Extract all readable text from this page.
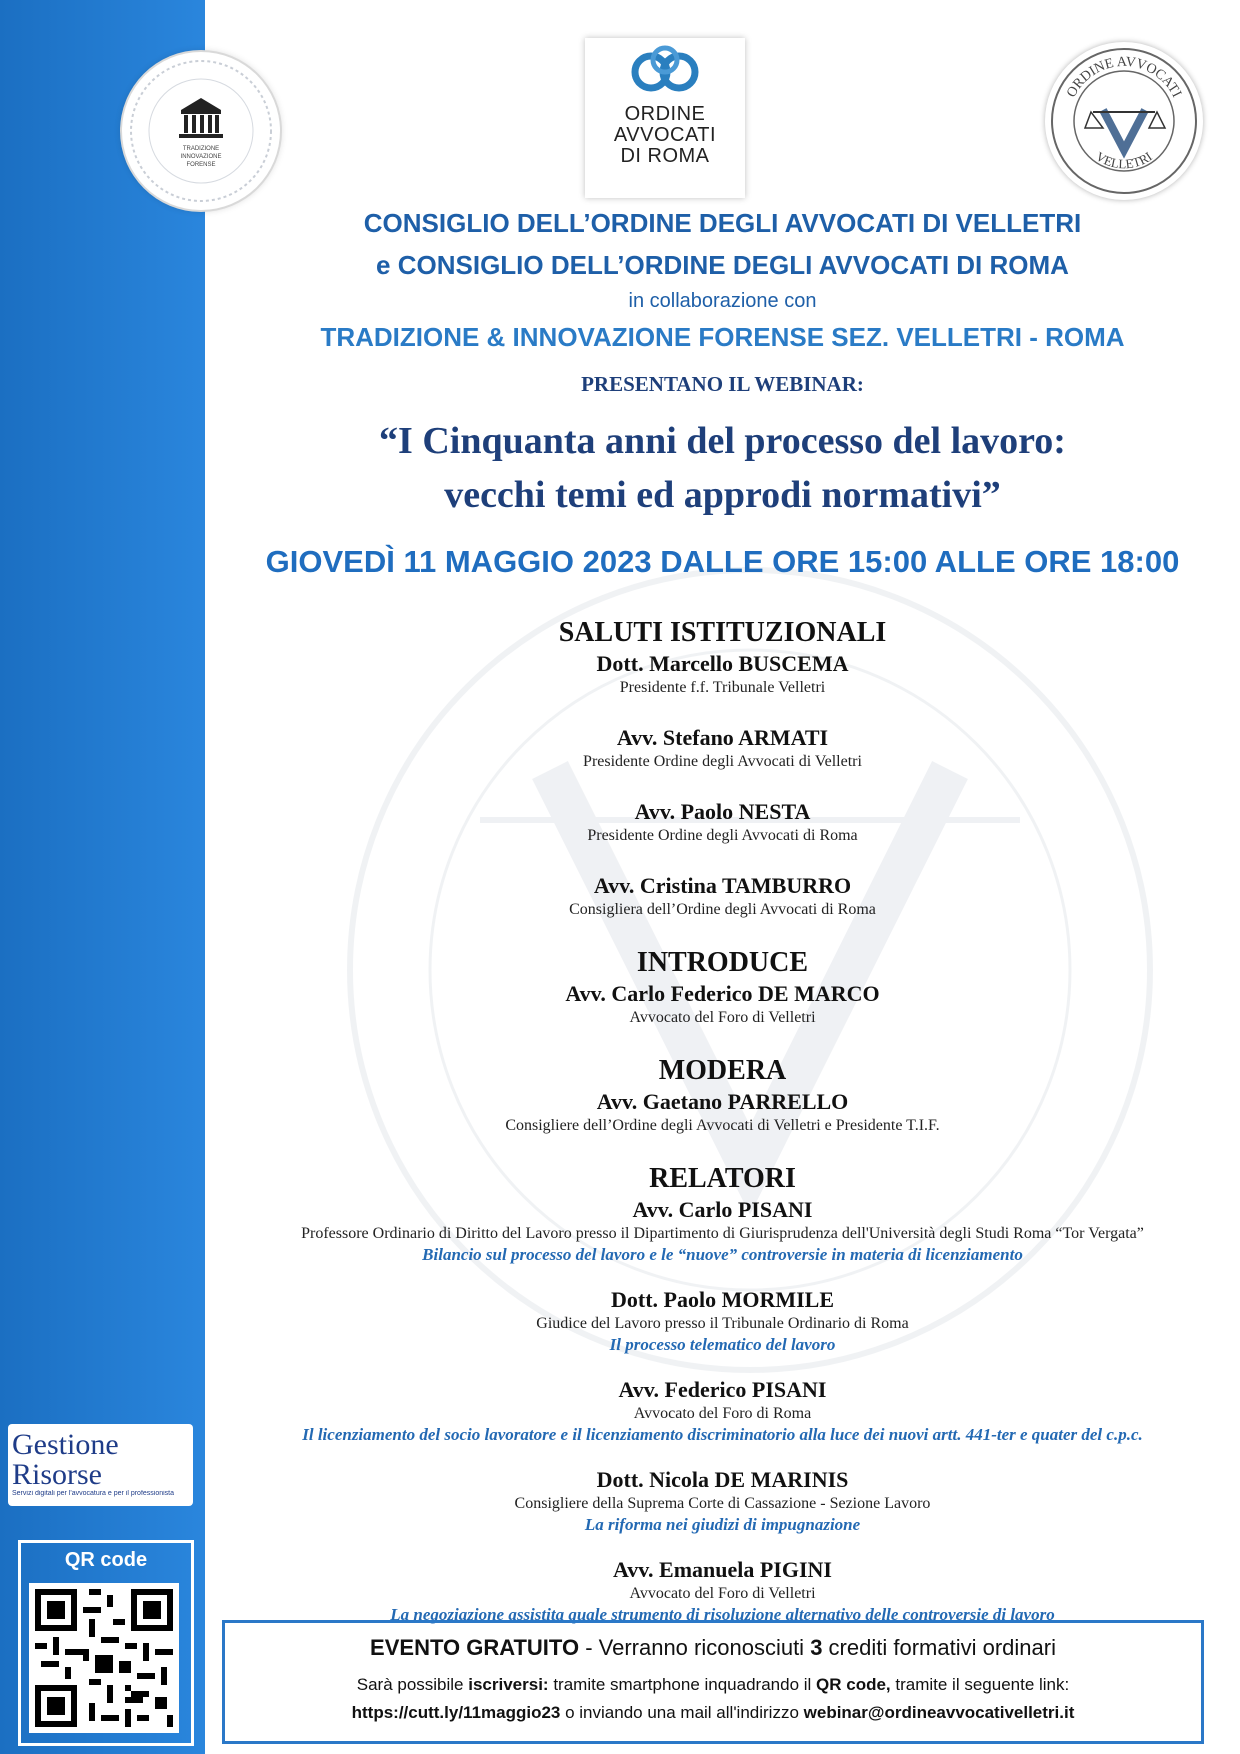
TRADIZIONE
INNOVAZIONE
FORENSE
ORDINE
AVVOCATI
DI ROMA
ORDINE AVVOCATI
VELLETRI
CONSIGLIO DELL’ORDINE DEGLI AVVOCATI DI VELLETRI
e CONSIGLIO DELL’ORDINE DEGLI AVVOCATI DI ROMA
in collaborazione con
TRADIZIONE & INNOVAZIONE FORENSE SEZ. VELLETRI - ROMA
PRESENTANO IL WEBINAR:
“I Cinquanta anni del processo del lavoro:
vecchi temi ed approdi normativi”
GIOVEDÌ 11 MAGGIO 2023 DALLE ORE 15:00 ALLE ORE 18:00
SALUTI ISTITUZIONALI
Dott. Marcello BUSCEMA
Presidente f.f. Tribunale Velletri
Avv. Stefano ARMATI
Presidente Ordine degli Avvocati di Velletri
Avv. Paolo NESTA
Presidente Ordine degli Avvocati di Roma
Avv. Cristina TAMBURRO
Consigliera dell’Ordine degli Avvocati di Roma
INTRODUCE
Avv. Carlo Federico DE MARCO
Avvocato del Foro di Velletri
MODERA
Avv. Gaetano PARRELLO
Consigliere dell’Ordine degli Avvocati di Velletri e Presidente T.I.F.
RELATORI
Avv. Carlo PISANI
Professore Ordinario di Diritto del Lavoro presso il Dipartimento di Giurisprudenza dell'Università degli Studi Roma “Tor Vergata”
Bilancio sul processo del lavoro e le “nuove” controversie in materia di licenziamento
Dott. Paolo MORMILE
Giudice del Lavoro presso il Tribunale Ordinario di Roma
Il processo telematico del lavoro
Avv. Federico PISANI
Avvocato del Foro di Roma
Il licenziamento del socio lavoratore e il licenziamento discriminatorio alla luce dei nuovi artt. 441-ter e quater del c.p.c.
Dott. Nicola DE MARINIS
Consigliere della Suprema Corte di Cassazione - Sezione Lavoro
La riforma nei giudizi di impugnazione
Avv. Emanuela PIGINI
Avvocato del Foro di Velletri
La negoziazione assistita quale strumento di risoluzione alternativo delle controversie di lavoro
Gestione Risorse
Servizi digitali per l'avvocatura e per il professionista
QR code
EVENTO GRATUITO - Verranno riconosciuti 3 crediti formativi ordinari
Sarà possibile iscriversi: tramite smartphone inquadrando il QR code, tramite il seguente link:
https://cutt.ly/11maggio23 o inviando una mail all'indirizzo webinar@ordineavvocativelletri.it
